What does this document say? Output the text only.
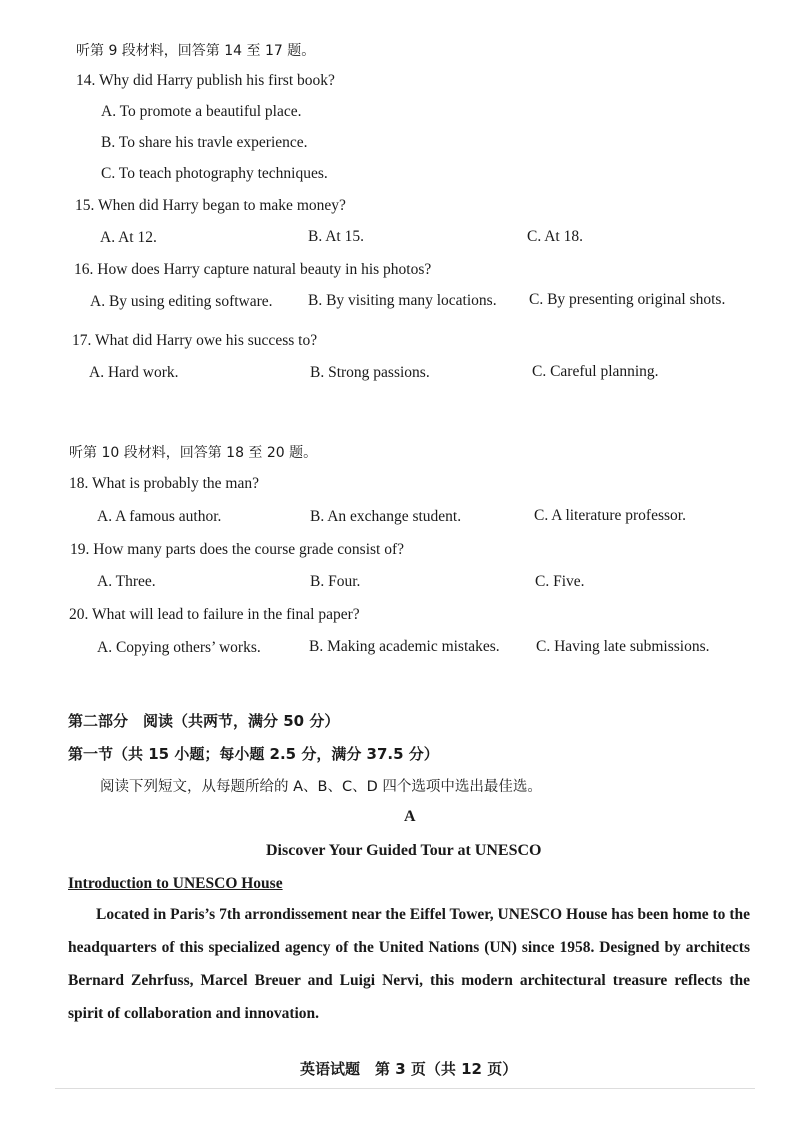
听第 9 段材料，回答第 14 至 17 题。
14. Why did Harry publish his first book?
A. To promote a beautiful place.
B. To share his travle experience.
C. To teach photography techniques.
15. When did Harry began to make money?
A. At 12.	B. At 15.	C. At 18.
16. How does Harry capture natural beauty in his photos?
A. By using editing software. B. By visiting many locations. C. By presenting original shots.
17. What did Harry owe his success to?
A. Hard work.	B. Strong passions.	C. Careful planning.
听第 10 段材料，回答第 18 至 20 题。
18. What is probably the man?
A. A famous author.	B. An exchange student.	C. A literature professor.
19. How many parts does the course grade consist of?
A. Three.	B. Four.	C. Five.
20. What will lead to failure in the final paper?
A. Copying others’ works.	B. Making academic mistakes. C. Having late submissions.
第二部分　阅读（共两节，满分 50 分）
第一节（共 15 小题；每小题 2.5 分，满分 37.5 分）
阅读下列短文，从每题所给的 A、B、C、D 四个选项中选出最佳选。
A
Discover Your Guided Tour at UNESCO
Introduction to UNESCO House
Located in Paris’s 7th arrondissement near the Eiffel Tower, UNESCO House has been home to the headquarters of this specialized agency of the United Nations (UN) since 1958. Designed by architects Bernard Zehrfuss, Marcel Breuer and Luigi Nervi, this modern architectural treasure reflects the spirit of collaboration and innovation.
英语试题　第 3 页（共 12 页）
